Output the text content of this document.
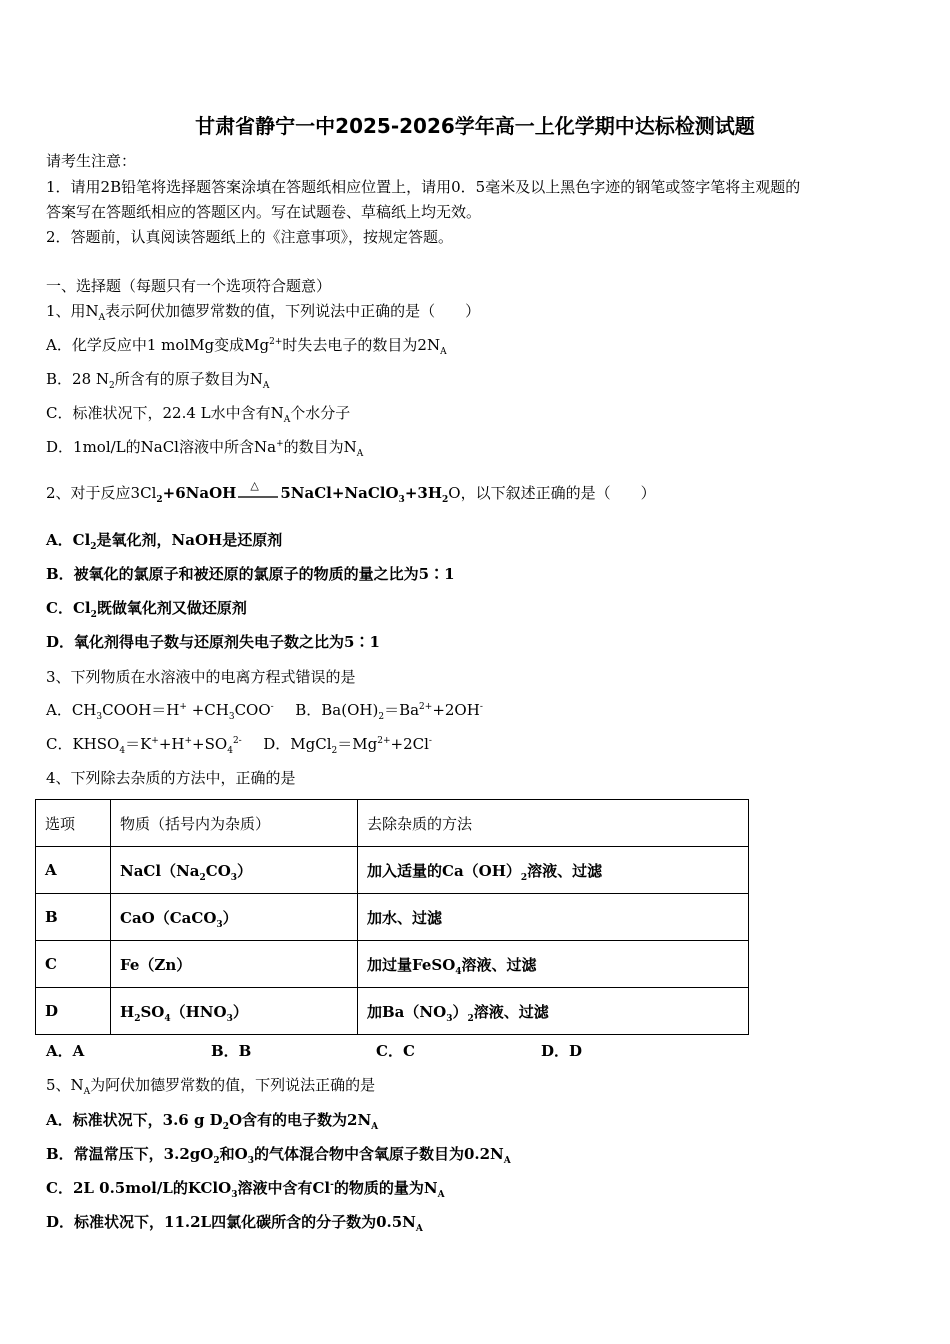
甘肃省静宁一中2025-2026学年高一上化学期中达标检测试题
请考生注意：
1．请用2B铅笔将选择题答案涂填在答题纸相应位置上，请用0．5毫米及以上黑色字迹的钢笔或签字笔将主观题的
答案写在答题纸相应的答题区内。写在试题卷、草稿纸上均无效。
2．答题前，认真阅读答题纸上的《注意事项》，按规定答题。
一、选择题（每题只有一个选项符合题意）
1、用$N_A$表示阿伏加德罗常数的值，下列说法中正确的是（　　）
A．化学反应中1 molMg变成$Mg^{2+}$时失去电子的数目为$2N_A$
B．28 $N_2$所含有的原子数目为$N_A$
C．标准状况下，22.4 L水中含有$N_A$个水分子
D．1mol/L的NaCl溶液中所含Na+的数目为$N_A$
2、对于反应$3Cl_2+6NaOH$ △ $5NaCl+NaClO_3+3H_2O$，以下叙述正确的是（　　）
A．$Cl_2$是氧化剂，NaOH是还原剂
B．被氧化的氯原子和被还原的氯原子的物质的量之比为5∶1
C．$Cl_2$既做氧化剂又做还原剂
D．氧化剂得电子数与还原剂失电子数之比为5∶1
3、下列物质在水溶液中的电离方程式错误的是
A．$CH_3COOH=H^+ +CH_3COO^-$ B．$Ba(OH)_2=Ba^{2+}+2OH^-$
C．$KHSO_4=K^++H^++SO_4^{2-}$ D．$MgCl_2=Mg^{2+}+2Cl^-$
4、下列除去杂质的方法中，正确的是
选项	物质（括号内为杂质）	去除杂质的方法
A	$NaCl(Na_2CO_3)$	加入适量的$Ca(OH)_2$溶液、过滤
B	CaO（CaCO$_3$）	加水、过滤
C	Fe（Zn）	加过量FeSO$_4$溶液、过滤
D	$H_2SO_4(HNO_3)$	加$Ba(NO_3)_2$溶液、过滤
A．A	B．B	C．C	D．D
5、$N_A$为阿伏加德罗常数的值，下列说法正确的是
A．标准状况下，3.6 g $D_2O$含有的电子数为$2N_A$
B．常温常压下，$3.2gO_2$和$O_3$的气体混合物中含氧原子数目为$0.2N_A$
C．2L 0.5mol/L的KClO$_3$溶液中含有Cl-的物质的量为$N_A$
D．标准状况下，11.2L四氯化碳所含的分子数为$0.5N_A$
